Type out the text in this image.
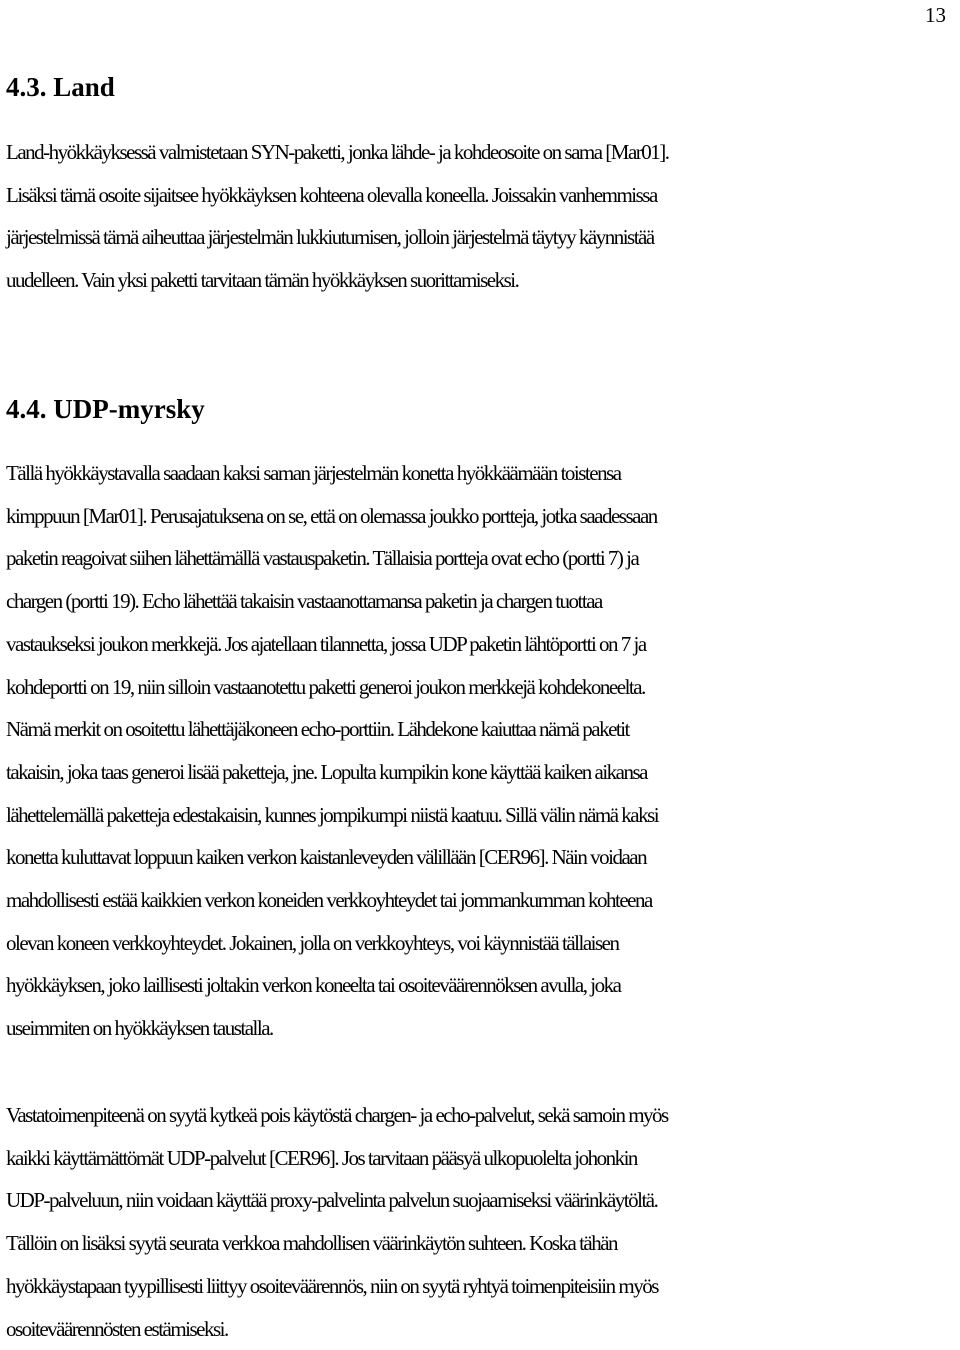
13
4.3. Land
Land-hyökkäyksessä valmistetaan SYN-paketti, jonka lähde- ja kohdeosoite on sama [Mar01].
Lisäksi tämä osoite sijaitsee hyökkäyksen kohteena olevalla koneella. Joissakin vanhemmissa
järjestelmissä tämä aiheuttaa järjestelmän lukkiutumisen, jolloin järjestelmä täytyy käynnistää
uudelleen. Vain yksi paketti tarvitaan tämän hyökkäyksen suorittamiseksi.
4.4. UDP-myrsky
Tällä hyökkäystavalla saadaan kaksi saman järjestelmän konetta hyökkäämään toistensa
kimppuun [Mar01]. Perusajatuksena on se, että on olemassa joukko portteja, jotka saadessaan
paketin reagoivat siihen lähettämällä vastauspaketin. Tällaisia portteja ovat echo (portti 7) ja
chargen (portti 19). Echo lähettää takaisin vastaanottamansa paketin ja chargen tuottaa
vastaukseksi joukon merkkejä. Jos ajatellaan tilannetta, jossa UDP paketin lähtöportti on 7 ja
kohdeportti on 19, niin silloin vastaanotettu paketti generoi joukon merkkejä kohdekoneelta.
Nämä merkit on osoitettu lähettäjäkoneen echo-porttiin. Lähdekone kaiuttaa nämä paketit
takaisin, joka taas generoi lisää paketteja, jne. Lopulta kumpikin kone käyttää kaiken aikansa
lähettelemällä paketteja edestakaisin, kunnes jompikumpi niistä kaatuu. Sillä välin nämä kaksi
konetta kuluttavat loppuun kaiken verkon kaistanleveyden välillään [CER96]. Näin voidaan
mahdollisesti estää kaikkien verkon koneiden verkkoyhteydet tai jommankumman kohteena
olevan koneen verkkoyhteydet. Jokainen, jolla on verkkoyhteys, voi käynnistää tällaisen
hyökkäyksen, joko laillisesti joltakin verkon koneelta tai osoiteväärennöksen avulla, joka
useimmiten on hyökkäyksen taustalla.
Vastatoimenpiteenä on syytä kytkeä pois käytöstä chargen- ja echo-palvelut, sekä samoin myös
kaikki käyttämättömät UDP-palvelut [CER96]. Jos tarvitaan pääsyä ulkopuolelta johonkin
UDP-palveluun, niin voidaan käyttää proxy-palvelinta palvelun suojaamiseksi väärinkäytöltä.
Tällöin on lisäksi syytä seurata verkkoa mahdollisen väärinkäytön suhteen. Koska tähän
hyökkäystapaan tyypillisesti liittyy osoiteväärennös, niin on syytä ryhtyä toimenpiteisiin myös
osoiteväärennösten estämiseksi.
